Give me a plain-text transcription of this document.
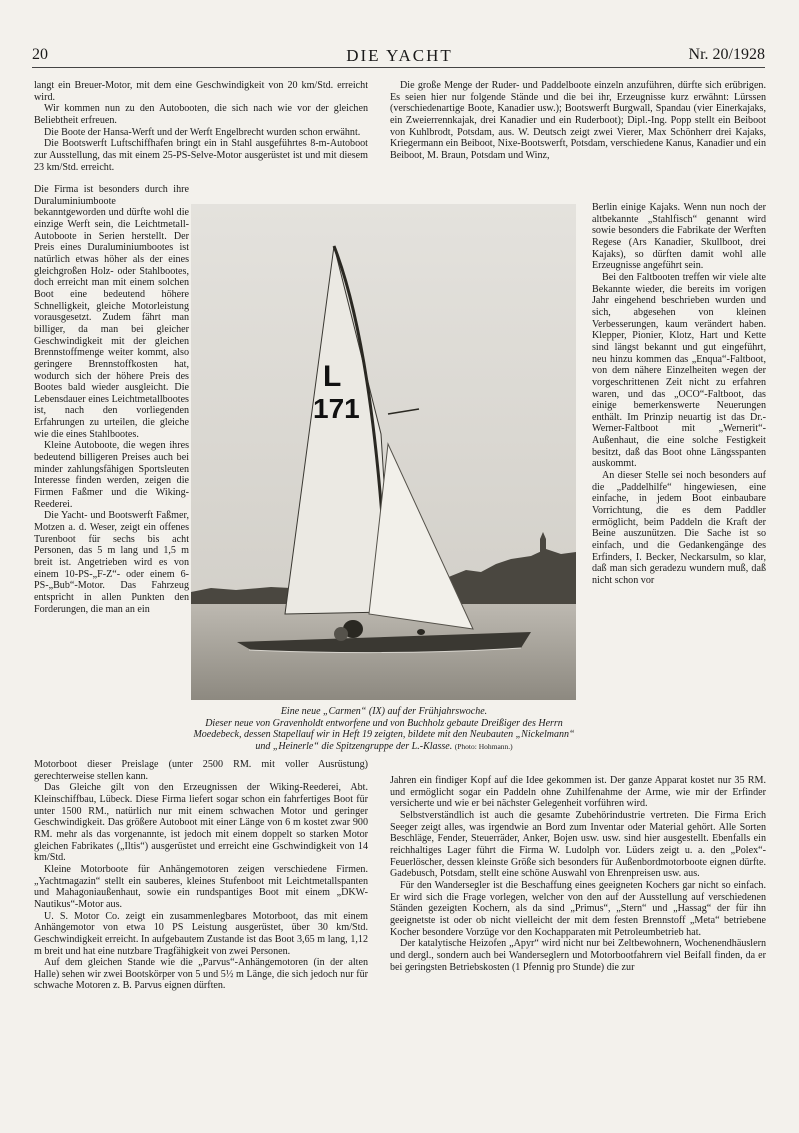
20	DIE YACHT	Nr. 20/1928

langt ein Breuer-Motor, mit dem eine Geschwindigkeit von 20 km/Std. erreicht wird.

Wir kommen nun zu den Autobooten, die sich nach wie vor der gleichen Beliebtheit erfreuen.

Die Boote der Hansa-Werft und der Werft Engelbrecht wurden schon erwähnt.

Die Bootswerft Luftschiffhafen bringt ein in Stahl ausgeführtes 8-m-Autoboot zur Ausstellung, das mit einem 25-PS-Selve-Motor ausgerüstet ist und mit diesem 23 km/Std. erreicht.

Die Firma ist besonders durch ihre Duraluminiumboote bekanntgeworden und dürfte wohl die einzige Werft sein, die Leichtmetall-Autoboote in Serien herstellt. Der Preis eines Duraluminiumbootes ist natürlich etwas höher als der eines gleichgroßen Holz- oder Stahlbootes, doch erreicht man mit einem solchen Boot eine bedeutend höhere Schnelligkeit, gleiche Motorleistung vorausgesetzt. Zudem fährt man billiger, da man bei gleicher Geschwindigkeit mit der gleichen Brennstoffmenge weiter kommt, also geringere Brennstoffkosten hat, wodurch sich der höhere Preis des Bootes bald wieder ausgleicht. Die Lebensdauer eines Leichtmetallbootes ist, nach den vorliegenden Erfahrungen zu urteilen, die gleiche wie die eines Stahlbootes.

Kleine Autoboote, die wegen ihres bedeutend billigeren Preises auch bei minder zahlungsfähigen Sportsleuten Interesse finden werden, zeigen die Firmen Faßmer und die Wiking-Reederei.

Die Yacht- und Bootswerft Faßmer, Motzen a. d. Weser, zeigt ein offenes Turenboot für sechs bis acht Personen, das 5 m lang und 1,5 m breit ist. Angetrieben wird es von einem 10-PS-„F-Z“- oder einem 6-PS-„Bub“-Motor. Das Fahrzeug entspricht in allen Punkten den Forderungen, die man an ein

Motorboot dieser Preislage (unter 2500 RM. mit voller Ausrüstung) gerechterweise stellen kann.

Das Gleiche gilt von den Erzeugnissen der Wiking-Reederei, Abt. Kleinschiffbau, Lübeck. Diese Firma liefert sogar schon ein fahrfertiges Boot für unter 1500 RM., natürlich nur mit einem schwachen Motor und geringer Geschwindigkeit. Das größere Autoboot mit einer Länge von 6 m kostet zwar 900 RM. mehr als das vorgenannte, ist jedoch mit einem doppelt so starken Motor gleichen Fabrikates („Iltis“) ausgerüstet und erreicht eine Gschwindigkeit von 14 km/Std.

Kleine Motorboote für Anhängemotoren zeigen verschiedene Firmen. „Yachtmagazin“ stellt ein sauberes, kleines Stufenboot mit Leichtmetallspanten und Mahagoniaußenhaut, sowie ein rundspantiges Boot mit einem „DKW-Nautikus“-Motor aus.

U. S. Motor Co. zeigt ein zusammenlegbares Motorboot, das mit einem Anhängemotor von etwa 10 PS Leistung ausgerüstet, über 30 km/Std. Geschwindigkeit erreicht. In aufgebautem Zustande ist das Boot 3,65 m lang, 1,12 m breit und hat eine nutzbare Tragfähigkeit von zwei Personen.

Auf dem gleichen Stande wie die „Parvus“-Anhängemotoren (in der alten Halle) sehen wir zwei Bootskörper von 5 und 5½ m Länge, die sich jedoch nur für schwache Motoren z. B. Parvus eignen dürften.

Die große Menge der Ruder- und Paddelboote einzeln anzuführen, dürfte sich erübrigen. Es seien hier nur folgende Stände und die bei ihr, Erzeugnisse kurz erwähnt: Lürssen (verschiedenartige Boote, Kanadier usw.); Bootswerft Burgwall, Spandau (vier Einerkajaks, ein Zweierrennkajak, drei Kanadier und ein Ruderboot); Dipl.-Ing. Popp stellt ein Beiboot von Kuhlbrodt, Potsdam, aus. W. Deutsch zeigt zwei Vierer, Max Schönherr drei Kajaks, Kriegermann ein Beiboot, Nixe-Bootswerft, Potsdam, verschiedene Kanus, Kanadier und ein Beiboot, M. Braun, Potsdam und Winz,

Berlin einige Kajaks. Wenn nun noch der altbekannte „Stahlfisch“ genannt wird sowie besonders die Fabrikate der Werften Regese (Ars Kanadier, Skullboot, drei Kajaks), so dürften damit wohl alle Erzeugnisse angeführt sein.

Bei den Faltbooten treffen wir viele alte Bekannte wieder, die bereits im vorigen Jahr eingehend beschrieben wurden und sich, abgesehen von kleinen Verbesserungen, kaum verändert haben. Klepper, Pionier, Klotz, Hart und Kette sind längst bekannt und gut eingeführt, neu hinzu kommen das „Enqua“-Faltboot, von dem nähere Einzelheiten wegen der vorgeschrittenen Zeit nicht zu erfahren waren, und das „OCO“-Faltboot, das einige bemerkenswerte Neuerungen enthält. Im Prinzip neuartig ist das Dr.-Werner-Faltboot mit „Wernerit“-Außenhaut, die eine solche Festigkeit besitzt, daß das Boot ohne Längsspanten auskommt.

An dieser Stelle sei noch besonders auf die „Paddelhilfe“ hingewiesen, eine einfache, in jedem Boot einbaubare Vorrichtung, die es dem Paddler ermöglicht, beim Paddeln die Kraft der Beine auszunützen. Die Sache ist so einfach, und die Gedankengänge des Erfinders, I. Becker, Neckarsulm, so klar, daß man sich geradezu wundern muß, daß nicht schon vor

Jahren ein findiger Kopf auf die Idee gekommen ist. Der ganze Apparat kostet nur 35 RM. und ermöglicht sogar ein Paddeln ohne Zuhilfenahme der Arme, wie mir der Erfinder versicherte und wie er bei nächster Gelegenheit vorführen wird.

Selbstverständlich ist auch die gesamte Zubehörindustrie vertreten. Die Firma Erich Seeger zeigt alles, was irgendwie an Bord zum Inventar oder Material gehört. Alle Sorten Beschläge, Fender, Steuerräder, Anker, Bojen usw. usw. sind hier ausgestellt. Ebenfalls ein reichhaltiges Lager führt die Firma W. Ludolph vor. Lüders zeigt u. a. den „Polex“-Feuerlöscher, dessen kleinste Größe sich besonders für Außenbordmotorboote eignen dürfte. Gadebusch, Potsdam, stellt eine schöne Auswahl von Ehrenpreisen usw. aus.

Für den Wandersegler ist die Beschaffung eines geeigneten Kochers gar nicht so einfach. Er wird sich die Frage vorlegen, welcher von den auf der Ausstellung auf verschiedenen Ständen gezeigten Kochern, als da sind „Primus“, „Stern“ und „Hassag“ der für ihn geeignetste ist oder ob nicht vielleicht der mit dem festen Brennstoff „Meta“ betriebene Kocher besondere Vorzüge vor den Kochapparaten mit Petroleumbetrieb hat.

Der katalytische Heizofen „Apyr“ wird nicht nur bei Zeltbewohnern, Wochenendhäuslern und dergl., sondern auch bei Wanderseglern und Motorbootfahrern viel Beifall finden, da er bei geringsten Betriebskosten (1 Pfennig pro Stunde) die zur

L
171
Eine neue „Carmen“ (IX) auf der Frühjahrswoche.
Dieser neue von Gravenholdt entworfene und von Buchholz gebaute Dreißiger des Herrn Moedebeck, dessen Stapellauf wir in Heft 19 zeigten, bildete mit den Neubauten „Nickelmann“ und „Heinerle“ die Spitzengruppe der L.-Klasse. (Photo: Hohmann.)
